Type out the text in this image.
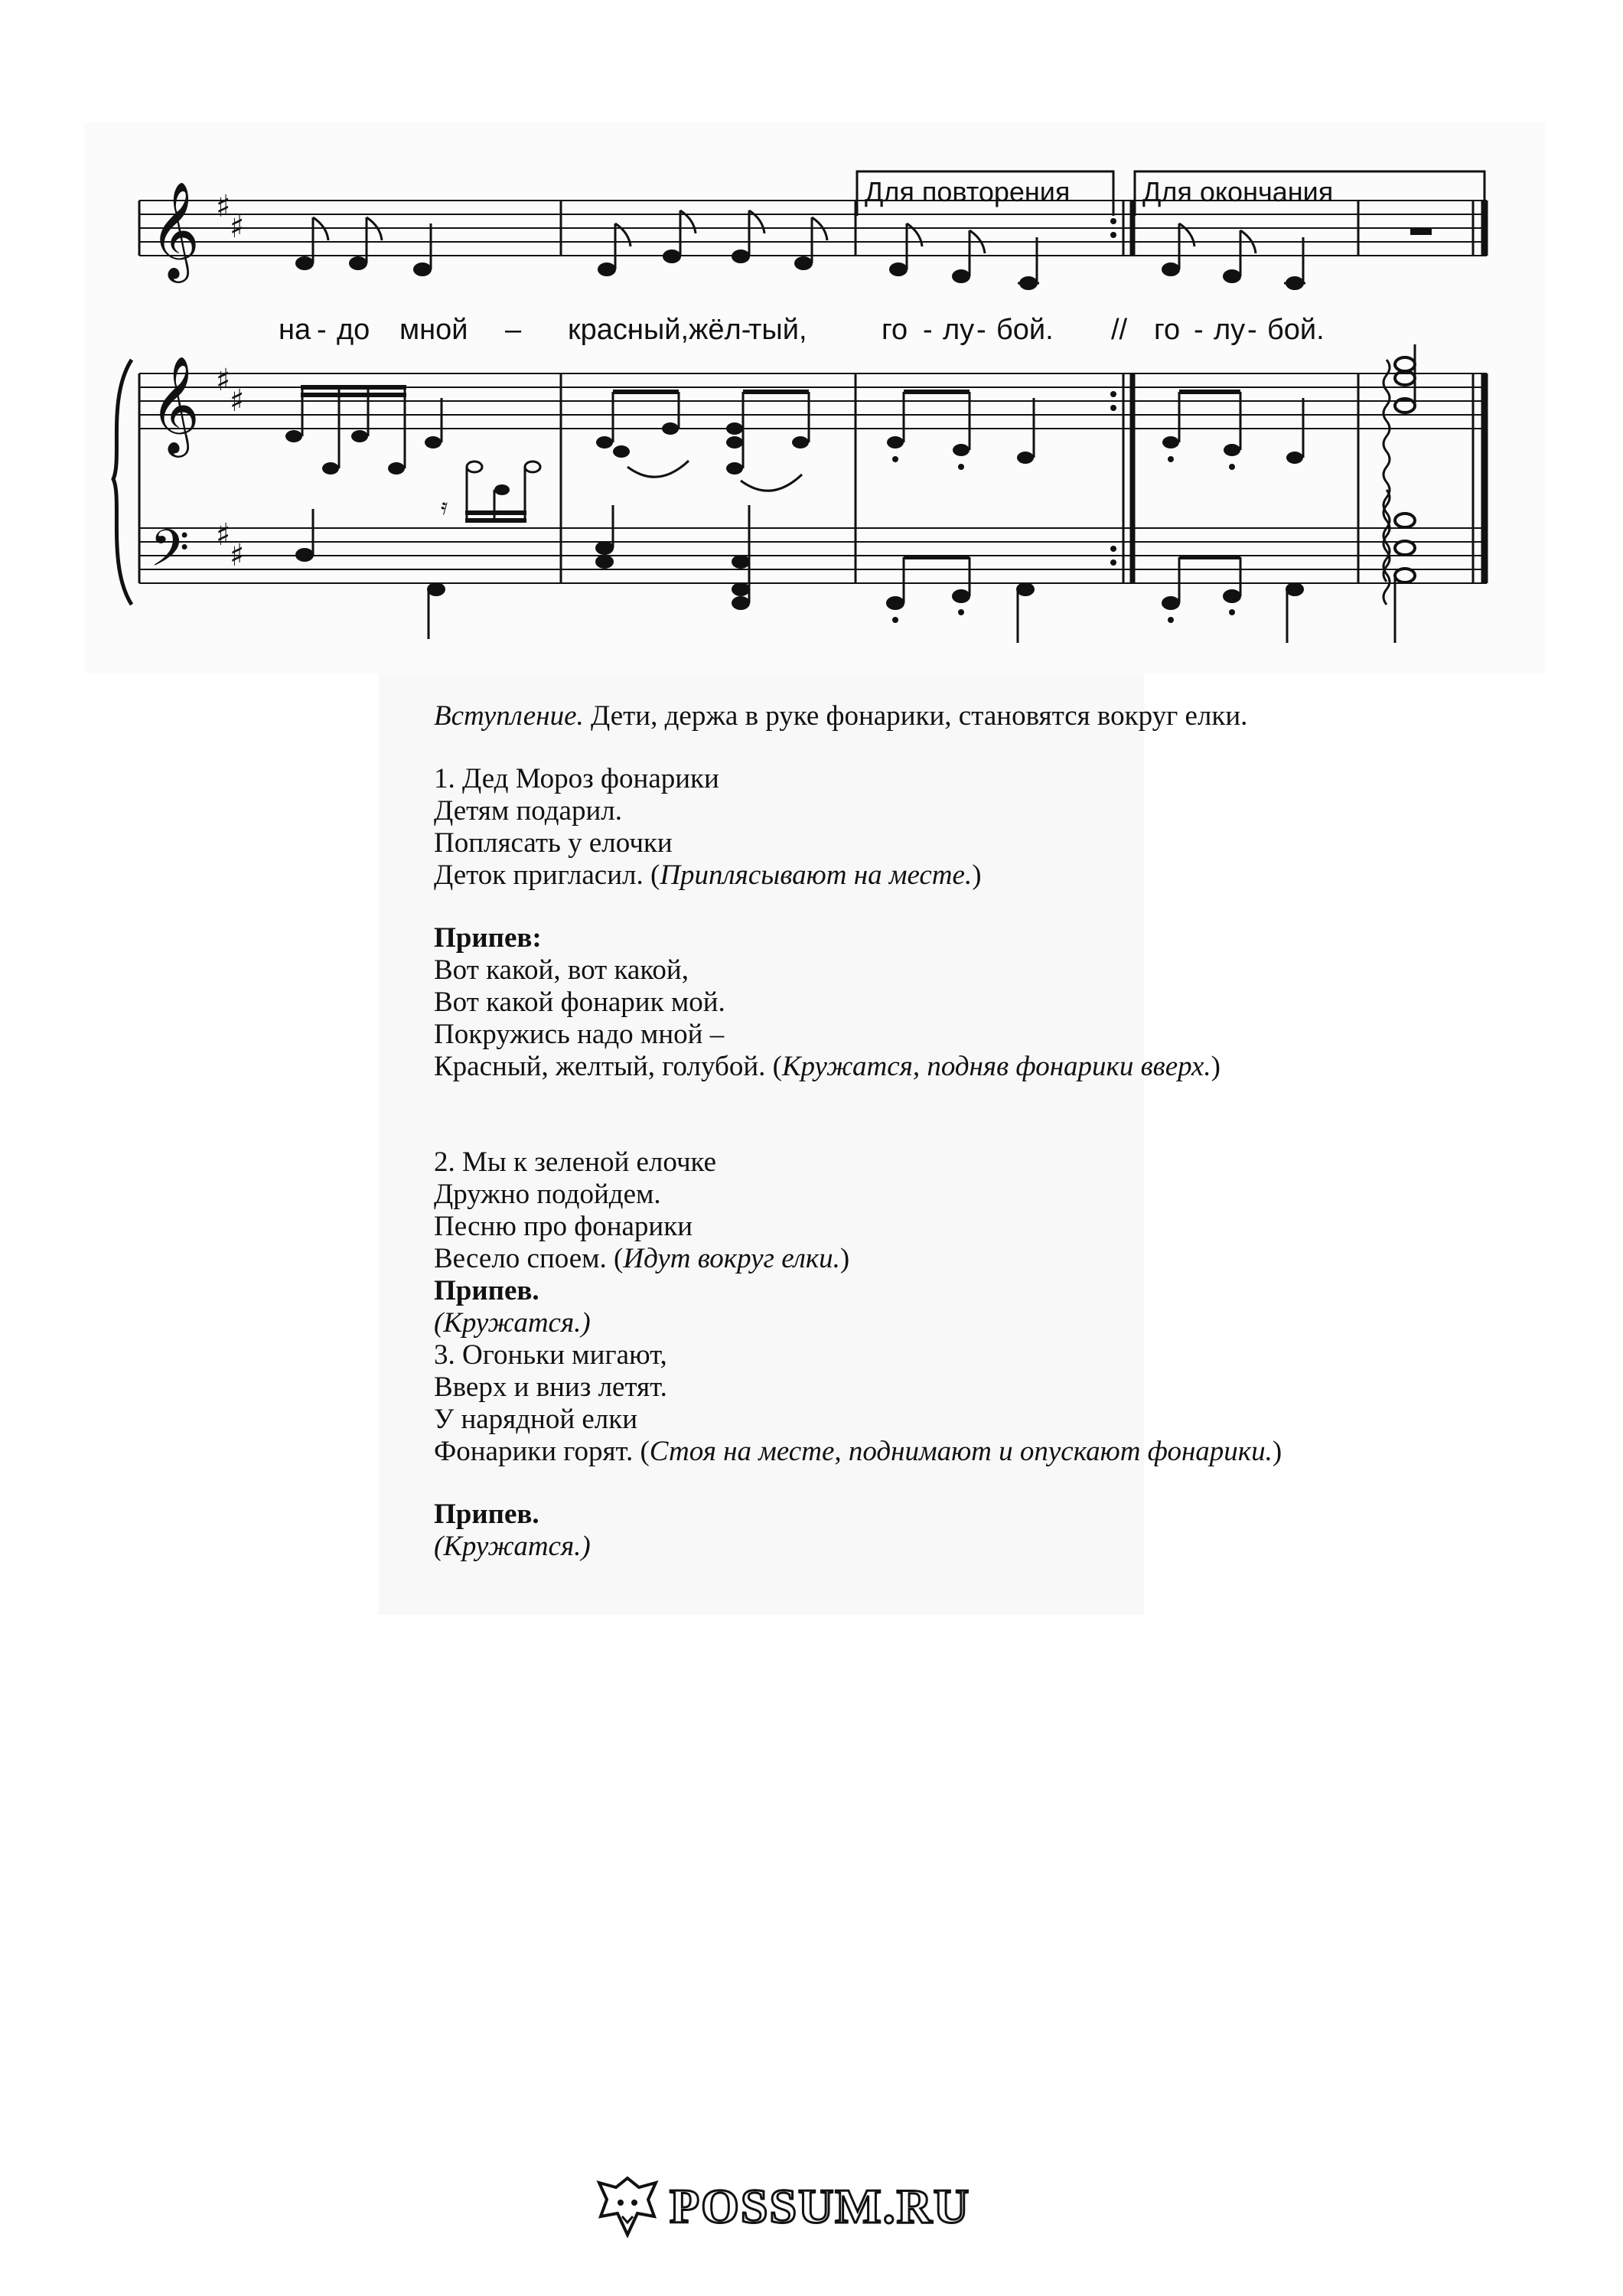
𝄞 ♯
♯
𝄞
𝄢
♯
♯
♯
♯
𝄿
Для повторения	Для окончания
на - до мной – крас-
ный, жёл-
тый,	го - лу - бой. // го - лу - бой.
Вступление. Дети, держа в руке фонарики, становятся вокруг елки.
1. Дед Мороз фонарики
Детям подарил.
Поплясать у елочки
Деток пригласил. (Приплясывают на месте.)
Припев:
Вот какой, вот какой,
Вот какой фонарик мой.
Покружись надо мной –
Красный, желтый, голубой. (Кружатся, подняв фонарики вверх.)
2. Мы к зеленой елочке
Дружно подойдем.
Песню про фонарики
Весело споем. (Идут вокруг елки.)
Припев.
(Кружатся.)
3. Огоньки мигают,
Вверх и вниз летят.
У нарядной елки
Фонарики горят. (Стоя на месте, поднимают и опускают фонарики.)
Припев.
(Кружатся.)
POSSUM.RU
